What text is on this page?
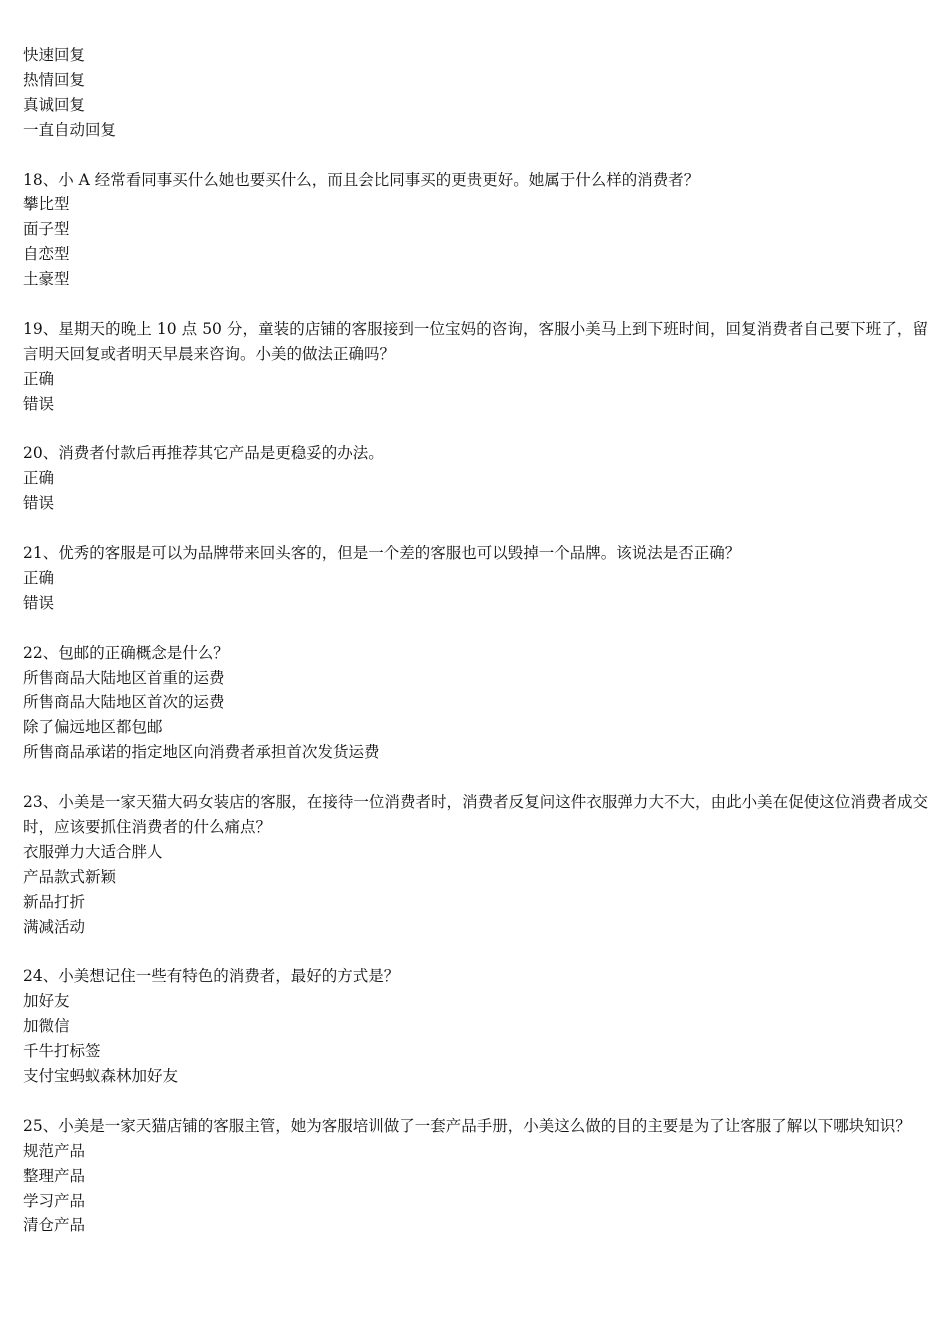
快速回复
热情回复
真诚回复
一直自动回复
18、小 A 经常看同事买什么她也要买什么，而且会比同事买的更贵更好。她属于什么样的消费者？
攀比型
面子型
自恋型
土豪型
19、星期天的晚上 10 点 50 分，童装的店铺的客服接到一位宝妈的咨询，客服小美马上到下班时间，回复消费者自己要下班了，留言明天回复或者明天早晨来咨询。小美的做法正确吗？
正确
错误
20、消费者付款后再推荐其它产品是更稳妥的办法。
正确
错误
21、优秀的客服是可以为品牌带来回头客的，但是一个差的客服也可以毁掉一个品牌。该说法是否正确？
正确
错误
22、包邮的正确概念是什么？
所售商品大陆地区首重的运费
所售商品大陆地区首次的运费
除了偏远地区都包邮
所售商品承诺的指定地区向消费者承担首次发货运费
23、小美是一家天猫大码女装店的客服，在接待一位消费者时，消费者反复问这件衣服弹力大不大，由此小美在促使这位消费者成交时，应该要抓住消费者的什么痛点？
衣服弹力大适合胖人
产品款式新颖
新品打折
满减活动
24、小美想记住一些有特色的消费者，最好的方式是？
加好友
加微信
千牛打标签
支付宝蚂蚁森林加好友
25、小美是一家天猫店铺的客服主管，她为客服培训做了一套产品手册，小美这么做的目的主要是为了让客服了解以下哪块知识？
规范产品
整理产品
学习产品
清仓产品
